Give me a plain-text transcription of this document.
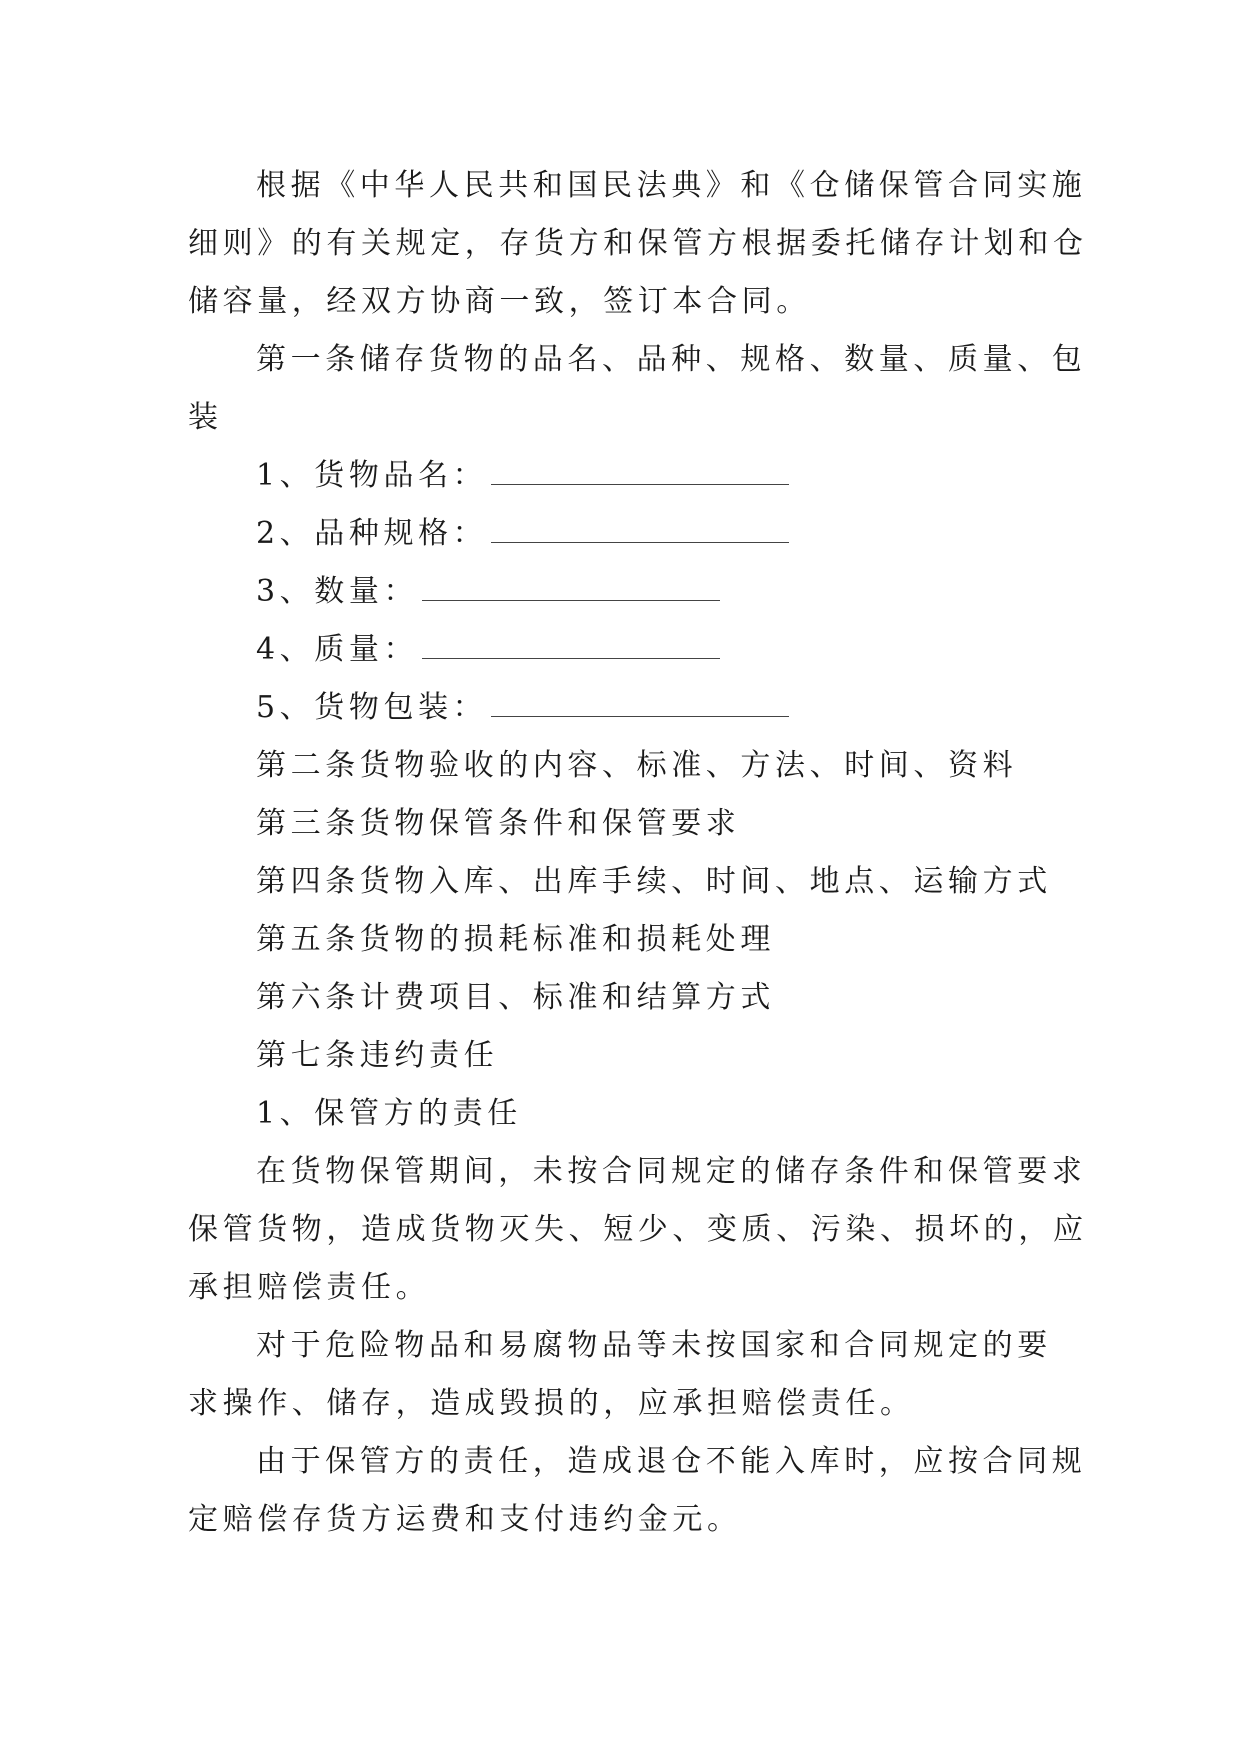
根据《中华人民共和国民法典》和《仓储保管合同实施
细则》的有关规定，存货方和保管方根据委托储存计划和仓
储容量，经双方协商一致，签订本合同。
第一条储存货物的品名、品种、规格、数量、质量、包
装
1、货物品名：
2、品种规格：
3、数量：
4、质量：
5、货物包装：
第二条货物验收的内容、标准、方法、时间、资料
第三条货物保管条件和保管要求
第四条货物入库、出库手续、时间、地点、运输方式
第五条货物的损耗标准和损耗处理
第六条计费项目、标准和结算方式
第七条违约责任
1、保管方的责任
在货物保管期间，未按合同规定的储存条件和保管要求
保管货物，造成货物灭失、短少、变质、污染、损坏的，应
承担赔偿责任。
对于危险物品和易腐物品等未按国家和合同规定的要
求操作、储存，造成毁损的，应承担赔偿责任。
由于保管方的责任，造成退仓不能入库时，应按合同规
定赔偿存货方运费和支付违约金元。
